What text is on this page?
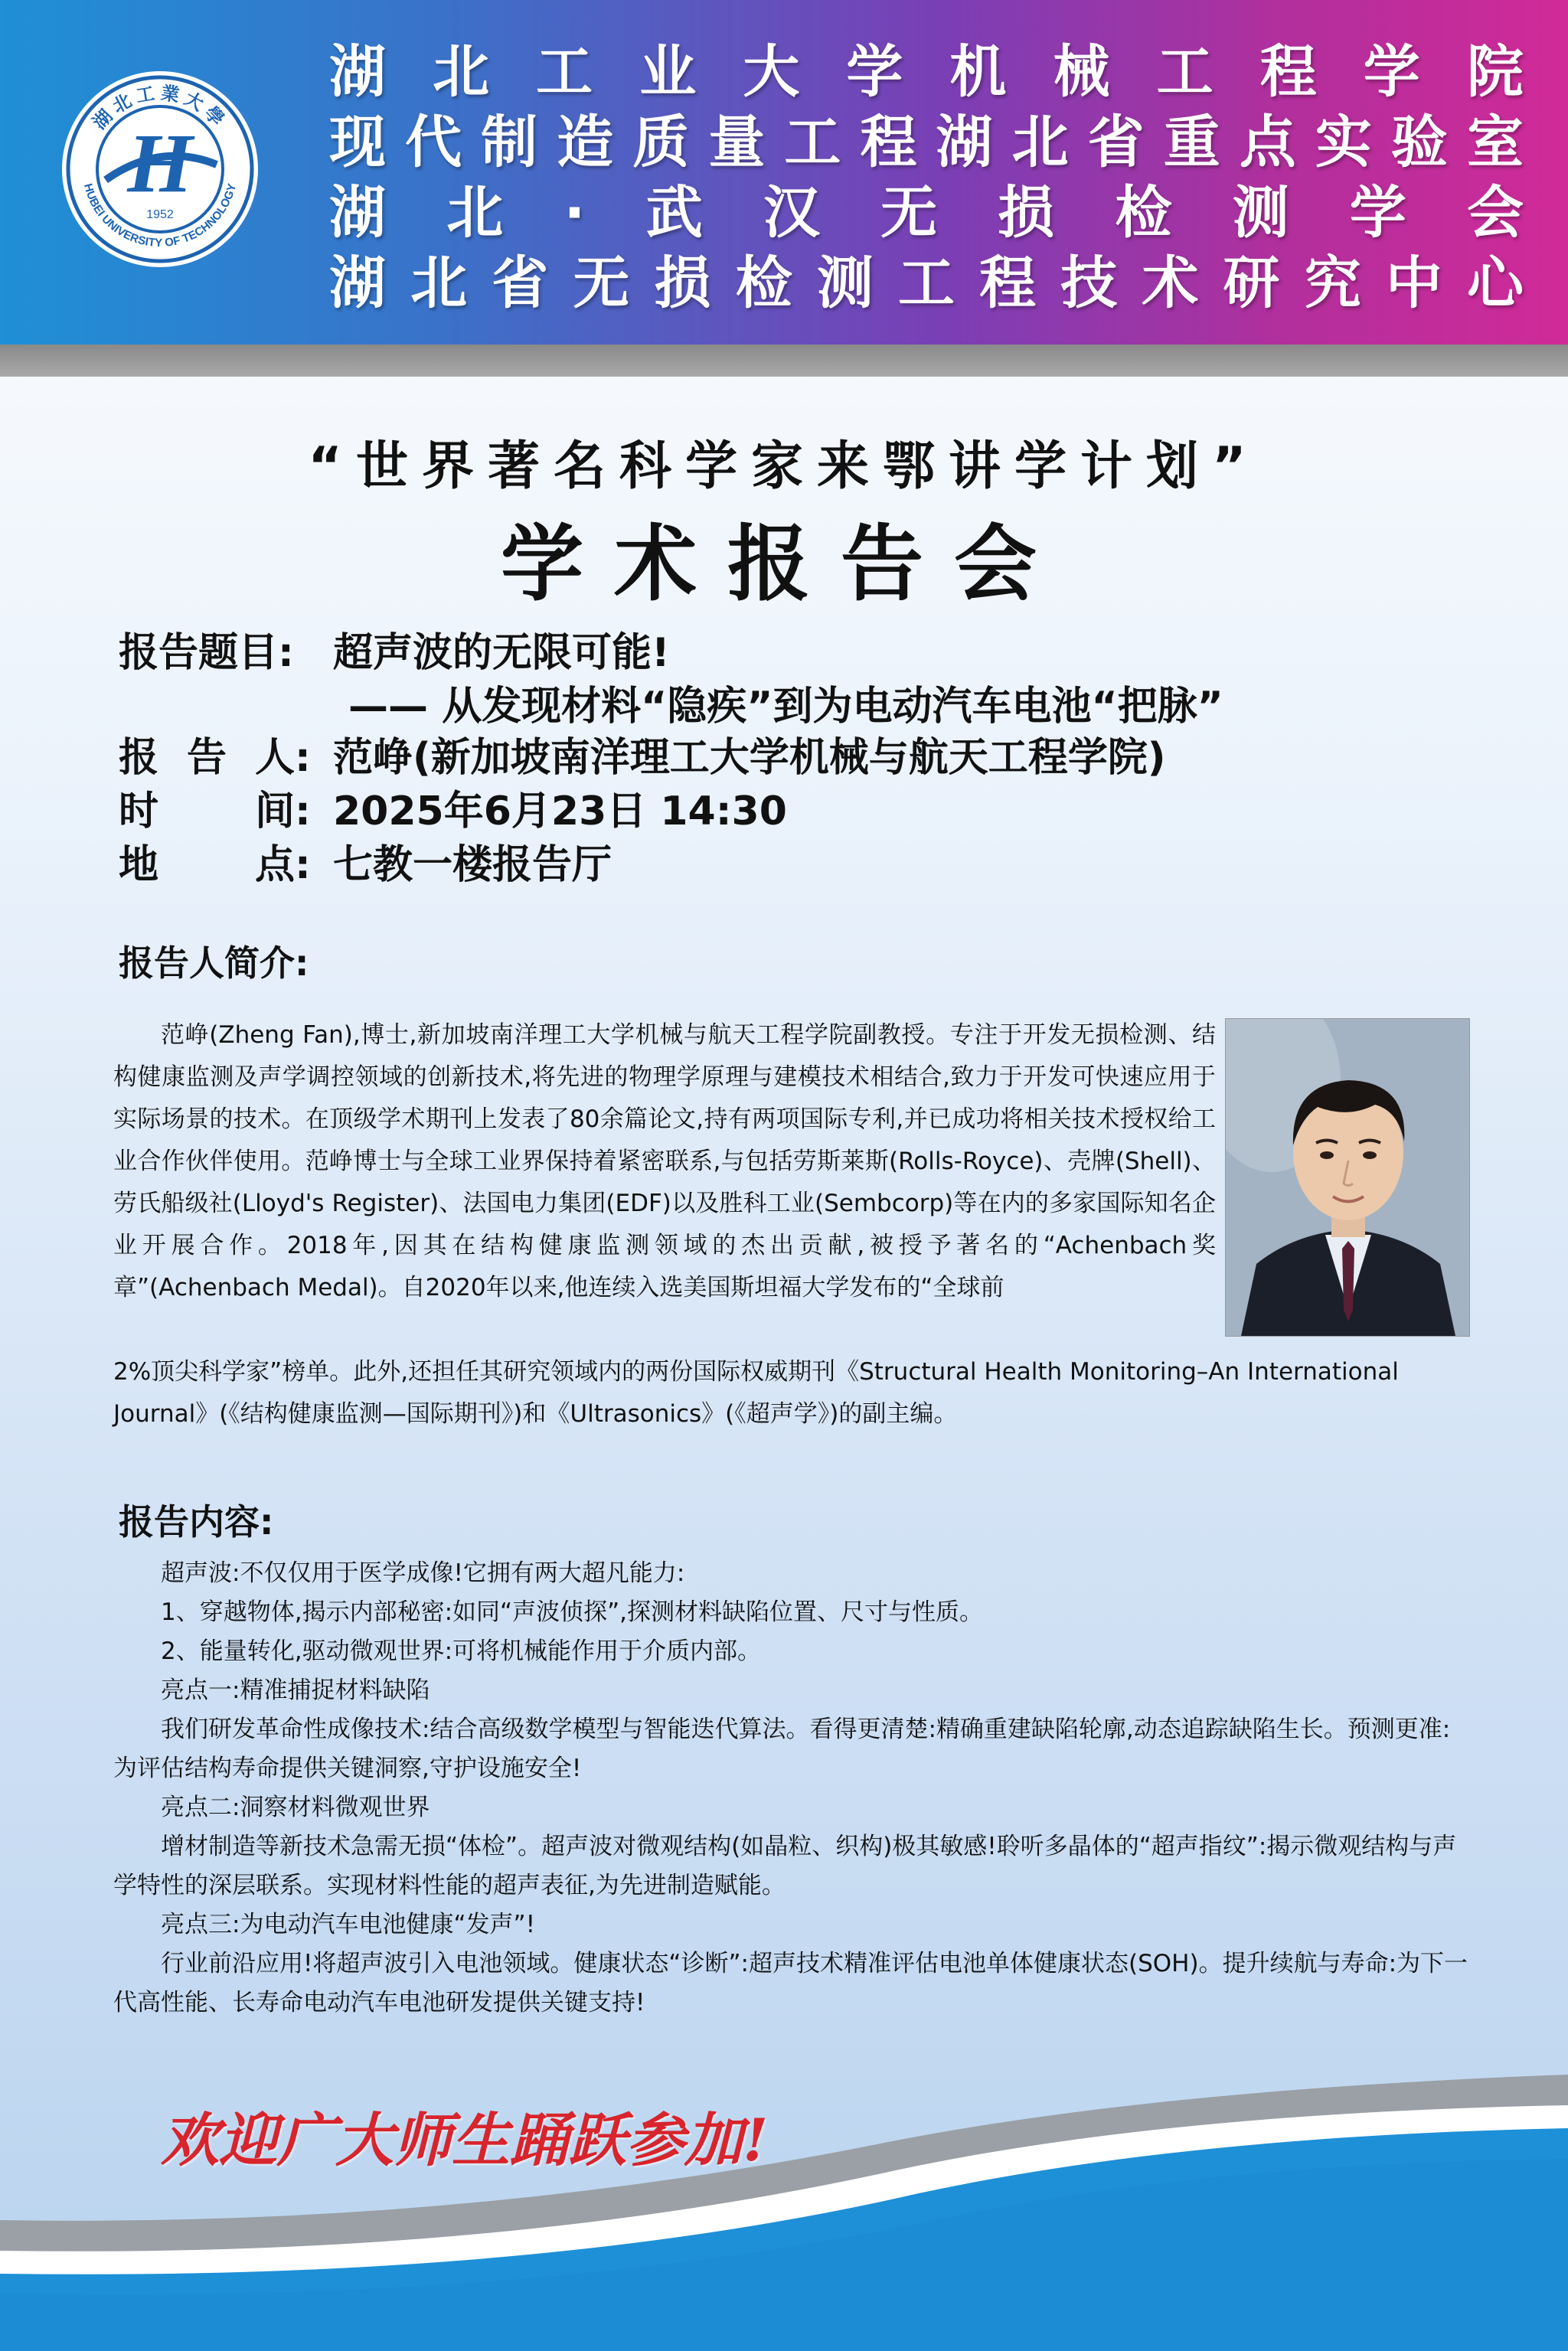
H
1952
HUBEI UNIVERSITY OF TECHNOLOGY
湖北工業大學
湖 北 工 业 大 学 机 械 工 程 学 院
现 代 制 造 质 量 工 程 湖 北 省 重 点 实 验 室
湖 北 · 武 汉 无 损 检 测 学 会
湖 北 省 无 损 检 测 工 程 技 术 研 究 中 心
“世界著名科学家来鄂讲学计划”
学术报告会
报告题目: 超声波的无限可能!
—— 从发现材料“隐疾”到为电动汽车电池“把脉”
报 告 人 : 范峥(新加坡南洋理工大学机械与航天工程学院)
时 间 : 2025年6月23日 14:30
地 点 : 七教一楼报告厅
报告人简介:
范峥(Zheng Fan),博士,新加坡南洋理工大学机械与航天工程学院副教授。专注于开发无损检测、结构健康监测及声学调控领域的创新技术,将先进的物理学原理与建模技术相结合,致力于开发可快速应用于实际场景的技术。在顶级学术期刊上发表了80余篇论文,持有两项国际专利,并已成功将相关技术授权给工业合作伙伴使用。范峥博士与全球工业界保持着紧密联系,与包括劳斯莱斯(Rolls-Royce)、壳牌(Shell)、劳氏船级社(Lloyd's Register)、法国电力集团(EDF)以及胜科工业(Sembcorp)等在内的多家国际知名企业开展合作。2018年,因其在结构健康监测领域的杰出贡献,被授予著名的“Achenbach奖章”(Achenbach Medal)。自2020年以来,他连续入选美国斯坦福大学发布的“全球前
2%顶尖科学家”榜单。此外,还担任其研究领域内的两份国际权威期刊《Structural Health Monitoring–An International Journal》(《结构健康监测—国际期刊》)和《Ultrasonics》(《超声学》)的副主编。
报告内容:

超声波:不仅仅用于医学成像!它拥有两大超凡能力:

1、穿越物体,揭示内部秘密:如同“声波侦探”,探测材料缺陷位置、尺寸与性质。

2、能量转化,驱动微观世界:可将机械能作用于介质内部。

亮点一:精准捕捉材料缺陷

我们研发革命性成像技术:结合高级数学模型与智能迭代算法。看得更清楚:精确重建缺陷轮廓,动态追踪缺陷生长。预测更准:为评估结构寿命提供关键洞察,守护设施安全!

亮点二:洞察材料微观世界

增材制造等新技术急需无损“体检”。超声波对微观结构(如晶粒、织构)极其敏感!聆听多晶体的“超声指纹”:揭示微观结构与声学特性的深层联系。实现材料性能的超声表征,为先进制造赋能。

亮点三:为电动汽车电池健康“发声”!

行业前沿应用!将超声波引入电池领域。健康状态“诊断”:超声技术精准评估电池单体健康状态(SOH)。提升续航与寿命:为下一代高性能、长寿命电动汽车电池研发提供关键支持!

欢迎广大师生踊跃参加!
